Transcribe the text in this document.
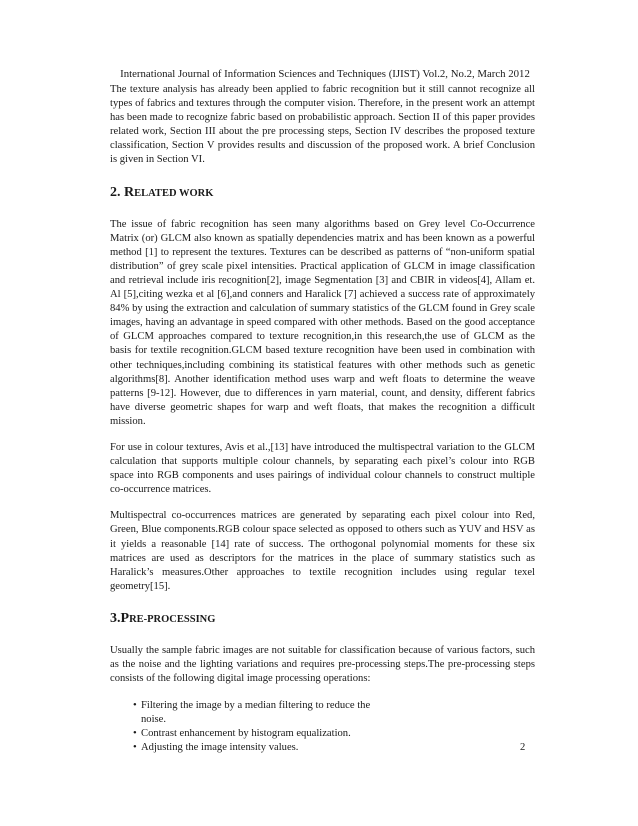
International Journal of Information Sciences and Techniques (IJIST) Vol.2, No.2, March 2012

The texture analysis has already been applied to fabric recognition but it still cannot recognize all types of fabrics and textures through the computer vision. Therefore, in the present work an attempt has been made to recognize fabric based on probabilistic approach. Section II of this paper provides related work, Section III about the pre processing steps, Section IV describes the proposed texture classification, Section V provides results and discussion of the proposed work. A brief Conclusion is given in Section VI.

2. RELATED WORK

The issue of fabric recognition has seen many algorithms based on Grey level Co-Occurrence Matrix (or) GLCM also known as spatially dependencies matrix and has been known as a powerful method [1] to represent the textures. Textures can be described as patterns of “non-uniform spatial distribution” of grey scale pixel intensities. Practical application of GLCM in image classification and retrieval include iris recognition[2], image Segmentation [3] and CBIR in videos[4], Allam et. Al [5],citing wezka et al [6],and conners and Haralick [7] achieved a success rate of approximately 84% by using the extraction and calculation of summary statistics of the GLCM found in Grey scale images, having an advantage in speed compared with other methods. Based on the good acceptance of GLCM approaches compared to texture recognition,in this research,the use of GLCM as the basis for textile recognition.GLCM based texture recognition have been used in combination with other techniques,including combining its statistical features with other methods such as genetic algorithms[8]. Another identification method uses warp and weft floats to determine the weave patterns [9-12]. However, due to differences in yarn material, count, and density, different fabrics have diverse geometric shapes for warp and weft floats, that makes the recognition a difficult mission.

For use in colour textures, Avis et al.,[13] have introduced the multispectral variation to the GLCM calculation that supports multiple colour channels, by separating each pixel’s colour into RGB space into RGB components and uses pairings of individual colour channels to construct multiple co-occurrence matrices.

Multispectral co-occurrences matrices are generated by separating each pixel colour into Red, Green, Blue components.RGB colour space selected as opposed to others such as YUV and HSV as it yields a reasonable [14] rate of success. The orthogonal polynomial moments for these six matrices are used as descriptors for the matrices in the place of summary statistics such as Haralick’s measures.Other approaches to textile recognition includes using regular texel geometry[15].

3.PRE-PROCESSING

Usually the sample fabric images are not suitable for classification because of various factors, such as the noise and the lighting variations and requires pre-processing steps.The pre-processing steps consists of the following digital image processing operations:

• Filtering the image by a median filtering to reduce the noise.
• Contrast enhancement by histogram equalization.
• Adjusting the image intensity values.	2
